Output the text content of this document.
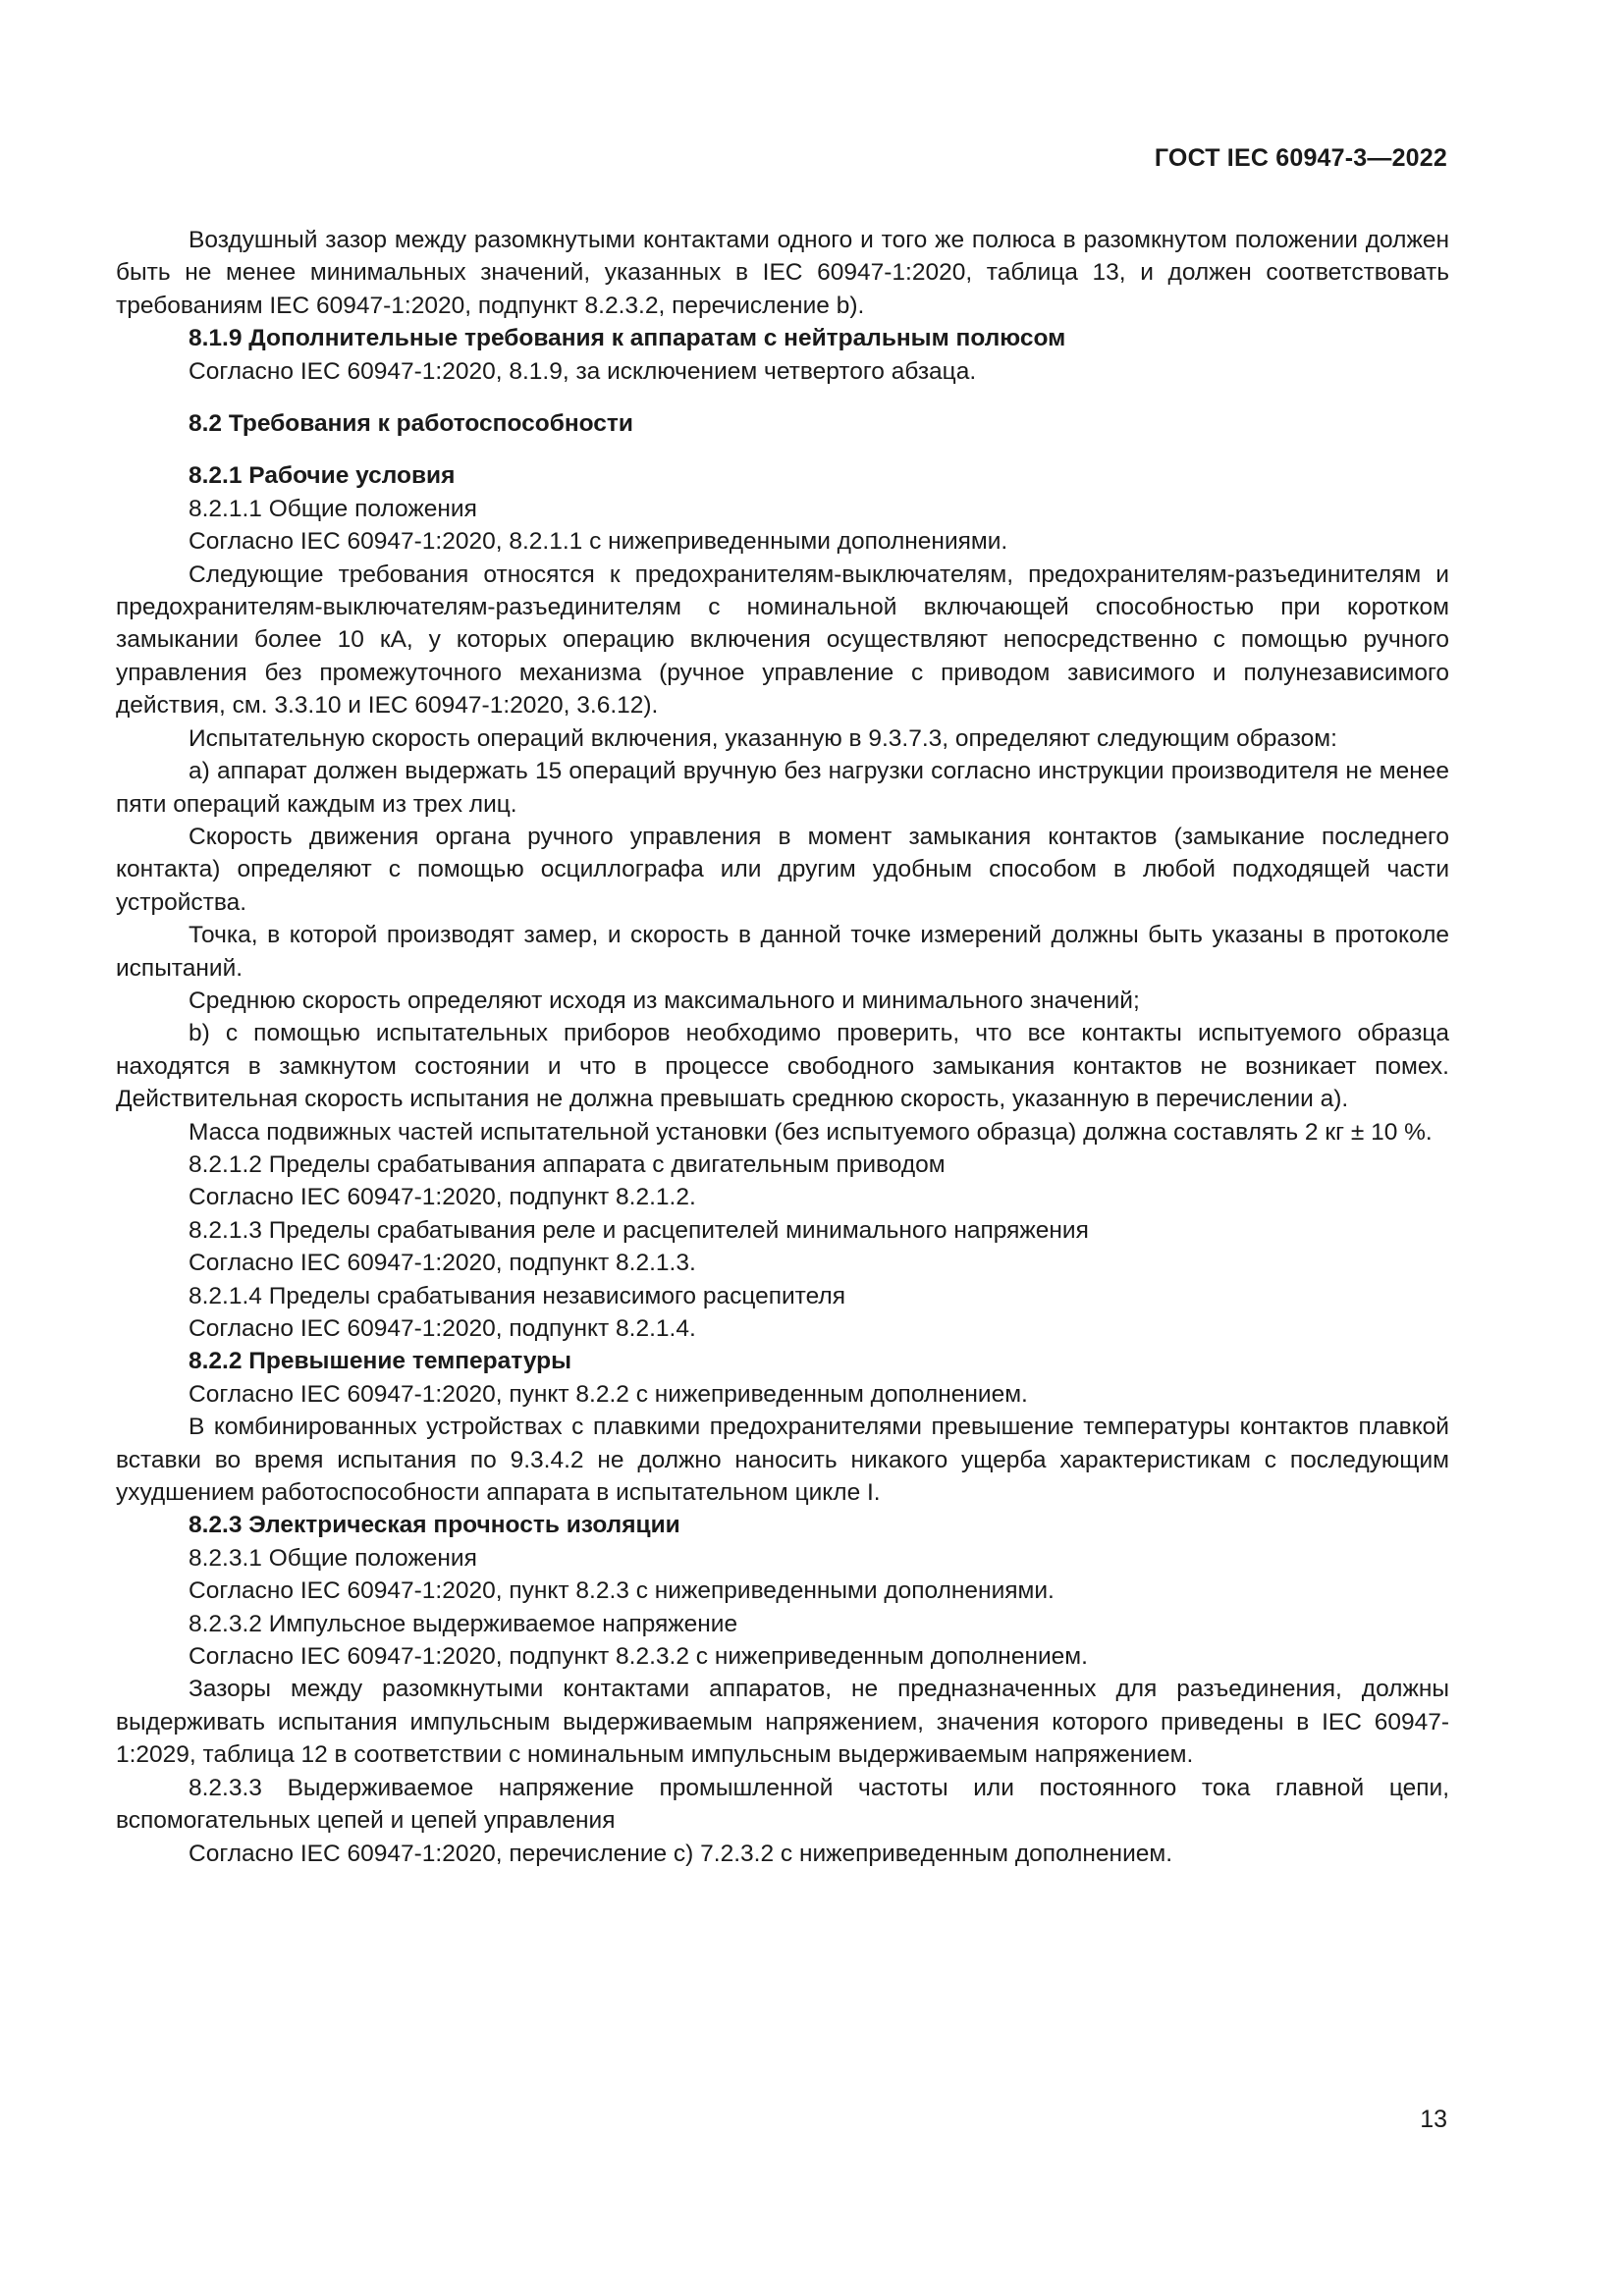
ГОСТ IEC 60947-3—2022

Воздушный зазор между разомкнутыми контактами одного и того же полюса в разомкнутом положении должен быть не менее минимальных значений, указанных в IEC 60947-1:2020, таблица 13, и должен соответствовать требованиям IEC 60947-1:2020, подпункт 8.2.3.2, перечисление b).

8.1.9 Дополнительные требования к аппаратам с нейтральным полюсом

Согласно IEC 60947-1:2020, 8.1.9, за исключением четвертого абзаца.

8.2 Требования к работоспособности

8.2.1 Рабочие условия

8.2.1.1 Общие положения

Согласно IEC 60947-1:2020, 8.2.1.1 с нижеприведенными дополнениями.

Следующие требования относятся к предохранителям-выключателям, предохранителям-разъединителям и предохранителям-выключателям-разъединителям с номинальной включающей способностью при коротком замыкании более 10 кА, у которых операцию включения осуществляют непосредственно с помощью ручного управления без промежуточного механизма (ручное управление с приводом зависимого и полунезависимого действия, см. 3.3.10 и IEC 60947-1:2020, 3.6.12).

Испытательную скорость операций включения, указанную в 9.3.7.3, определяют следующим образом:

а) аппарат должен выдержать 15 операций вручную без нагрузки согласно инструкции производителя не менее пяти операций каждым из трех лиц.

Скорость движения органа ручного управления в момент замыкания контактов (замыкание последнего контакта) определяют с помощью осциллографа или другим удобным способом в любой подходящей части устройства.

Точка, в которой производят замер, и скорость в данной точке измерений должны быть указаны в протоколе испытаний.

Среднюю скорость определяют исходя из максимального и минимального значений;

b) с помощью испытательных приборов необходимо проверить, что все контакты испытуемого образца находятся в замкнутом состоянии и что в процессе свободного замыкания контактов не возникает помех. Действительная скорость испытания не должна превышать среднюю скорость, указанную в перечислении а).

Масса подвижных частей испытательной установки (без испытуемого образца) должна составлять 2 кг ± 10 %.

8.2.1.2 Пределы срабатывания аппарата с двигательным приводом

Согласно IEC 60947-1:2020, подпункт 8.2.1.2.

8.2.1.3 Пределы срабатывания реле и расцепителей минимального напряжения

Согласно IEC 60947-1:2020, подпункт 8.2.1.3.

8.2.1.4 Пределы срабатывания независимого расцепителя

Согласно IEC 60947-1:2020, подпункт 8.2.1.4.

8.2.2 Превышение температуры

Согласно IEC 60947-1:2020, пункт 8.2.2 с нижеприведенным дополнением.

В комбинированных устройствах с плавкими предохранителями превышение температуры контактов плавкой вставки во время испытания по 9.3.4.2 не должно наносить никакого ущерба характеристикам с последующим ухудшением работоспособности аппарата в испытательном цикле I.

8.2.3 Электрическая прочность изоляции

8.2.3.1 Общие положения

Согласно IEC 60947-1:2020, пункт 8.2.3 с нижеприведенными дополнениями.

8.2.3.2 Импульсное выдерживаемое напряжение

Согласно IEC 60947-1:2020, подпункт 8.2.3.2 с нижеприведенным дополнением.

Зазоры между разомкнутыми контактами аппаратов, не предназначенных для разъединения, должны выдерживать испытания импульсным выдерживаемым напряжением, значения которого приведены в IEC 60947-1:2029, таблица 12 в соответствии с номинальным импульсным выдерживаемым напряжением.

8.2.3.3 Выдерживаемое напряжение промышленной частоты или постоянного тока главной цепи, вспомогательных цепей и цепей управления

Согласно IEC 60947-1:2020, перечисление с) 7.2.3.2 с нижеприведенным дополнением.

13
